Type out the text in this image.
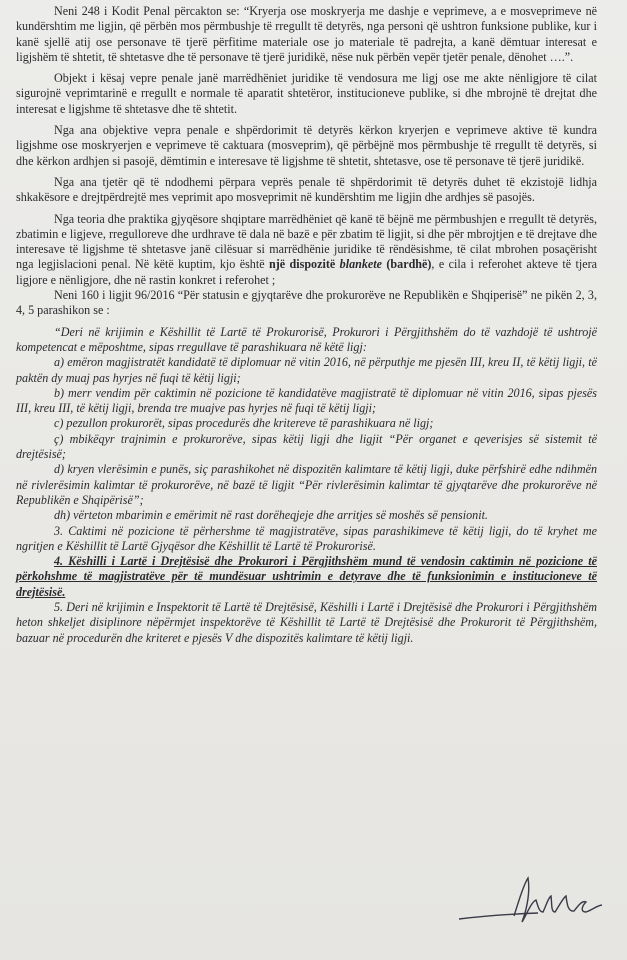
Neni 248 i Kodit Penal përcakton se: “Kryerja ose moskryerja me dashje e veprimeve, a e mosveprimeve në kundërshtim me ligjin, që përbën mos përmbushje të rregullt të detyrës, nga personi që ushtron funksione publike, kur i kanë sjellë atij ose personave të tjerë përfitime materiale ose jo materiale të padrejta, a kanë dëmtuar interesat e ligjshëm të shtetit, të shtetasve dhe të personave të tjerë juridikë, nëse nuk përbën vepër tjetër penale, dënohet ….”.

Objekt i kësaj vepre penale janë marrëdhëniet juridike të vendosura me ligj ose me akte nënligjore të cilat sigurojnë veprimtarinë e rregullt e normale të aparatit shtetëror, institucioneve publike, si dhe mbrojnë të drejtat dhe interesat e ligjshme të shtetasve dhe të shtetit.

Nga ana objektive vepra penale e shpërdorimit të detyrës kërkon kryerjen e veprimeve aktive të kundra ligjshme ose moskryerjen e veprimeve të caktuara (mosveprim), që përbëjnë mos përmbushje të rregullt të detyrës, si dhe kërkon ardhjen si pasojë, dëmtimin e interesave të ligjshme të shtetit, shtetasve, ose të personave të tjerë juridikë.

Nga ana tjetër që të ndodhemi përpara veprës penale të shpërdorimit të detyrës duhet të ekzistojë lidhja shkakësore e drejtpërdrejtë mes veprimit apo mosveprimit në kundërshtim me ligjin dhe ardhjes së pasojës.

Nga teoria dhe praktika gjyqësore shqiptare marrëdhëniet që kanë të bëjnë me përmbushjen e rregullt të detyrës, zbatimin e ligjeve, rregulloreve dhe urdhrave të dala në bazë e për zbatim të ligjit, si dhe për mbrojtjen e të drejtave dhe interesave të ligjshme të shtetasve janë cilësuar si marrëdhënie juridike të rëndësishme, të cilat mbrohen posaçërisht nga legjislacioni penal. Në këtë kuptim, kjo është një dispozitë blankete (bardhë), e cila i referohet akteve të tjera ligjore e nënligjore, dhe në rastin konkret i referohet ;

Neni 160 i ligjit 96/2016 “Për statusin e gjyqtarëve dhe prokurorëve ne Republikën e Shqiperisë” ne pikën 2, 3, 4, 5 parashikon se :

“Deri në krijimin e Këshillit të Lartë të Prokurorisë, Prokurori i Përgjithshëm do të vazhdojë të ushtrojë kompetencat e mëposhtme, sipas rregullave të parashikuara në këtë ligj:

a) emëron magjistratët kandidatë të diplomuar në vitin 2016, në përputhje me pjesën III, kreu II, të këtij ligji, të paktën dy muaj pas hyrjes në fuqi të këtij ligji;

b) merr vendim për caktimin në pozicione të kandidatëve magjistratë të diplomuar në vitin 2016, sipas pjesës III, kreu III, të këtij ligji, brenda tre muajve pas hyrjes në fuqi të këtij ligji;

c) pezullon prokurorët, sipas procedurës dhe kritereve të parashikuara në ligj;

ç) mbikëqyr trajnimin e prokurorëve, sipas këtij ligji dhe ligjit “Për organet e qeverisjes së sistemit të drejtësisë;

d) kryen vlerësimin e punës, siç parashikohet në dispozitën kalimtare të këtij ligji, duke përfshirë edhe ndihmën në rivlerësimin kalimtar të prokurorëve, në bazë të ligjit “Për rivlerësimin kalimtar të gjyqtarëve dhe prokurorëve në Republikën e Shqipërisë”;

dh) vërteton mbarimin e emërimit në rast dorëheqjeje dhe arritjes së moshës së pensionit.

3. Caktimi në pozicione të përhershme të magjistratëve, sipas parashikimeve të këtij ligji, do të kryhet me ngritjen e Këshillit të Lartë Gjyqësor dhe Këshillit të Lartë të Prokurorisë.

4. Këshilli i Lartë i Drejtësisë dhe Prokurori i Përgjithshëm mund të vendosin caktimin në pozicione të përkohshme të magjistratëve për të mundësuar ushtrimin e detyrave dhe të funksionimin e institucioneve të drejtësisë.

5. Deri në krijimin e Inspektorit të Lartë të Drejtësisë, Këshilli i Lartë i Drejtësisë dhe Prokurori i Përgjithshëm heton shkeljet disiplinore nëpërmjet inspektorëve të Këshillit të Lartë të Drejtësisë dhe Prokurorit të Përgjithshëm, bazuar në procedurën dhe kriteret e pjesës V dhe dispozitës kalimtare të këtij ligji.
